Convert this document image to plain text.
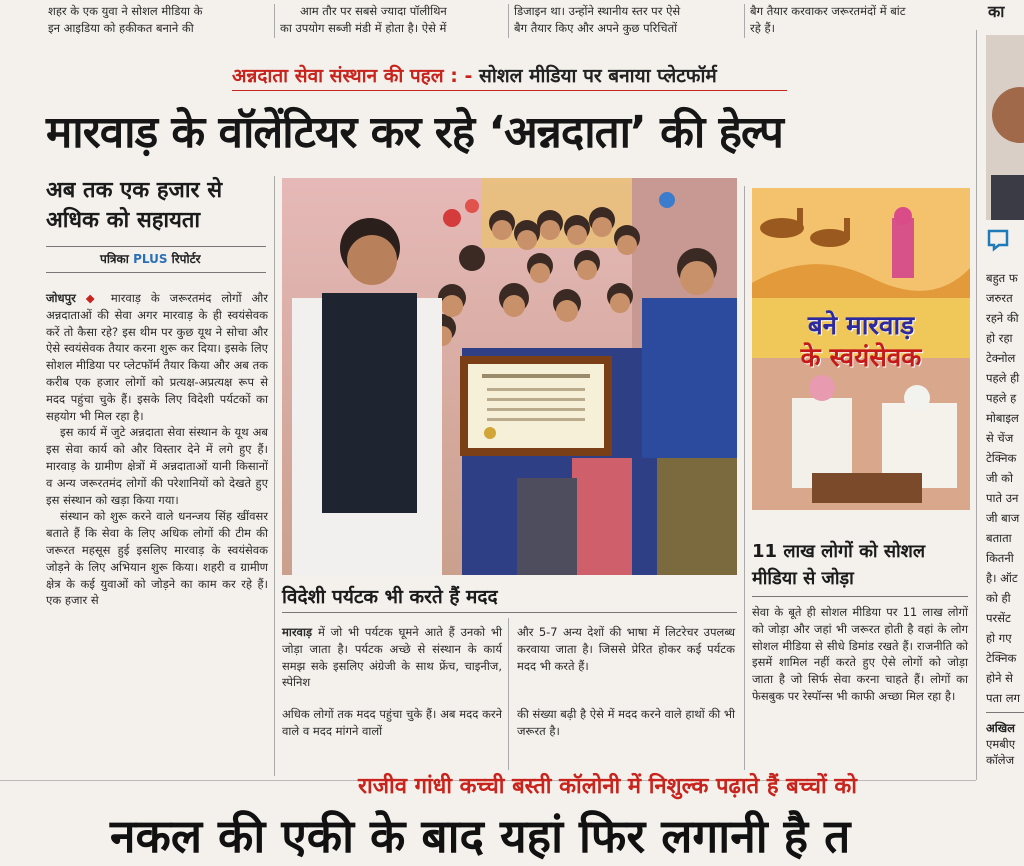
शहर के एक युवा ने सोशल मीडिया के
इन आइडिया को हकीकत बनाने की
आम तौर पर सबसे ज्यादा पॉलीथिन
का उपयोग सब्जी मंडी में होता है। ऐसे में
डिजाइन था। उन्होंने स्थानीय स्तर पर ऐसे
बैग तैयार किए और अपने कुछ परिचितों
बैग तैयार करवाकर जरूरतमंदों में बांट
रहे हैं।
का
अन्नदाता सेवा संस्थान की पहल : - सोशल मीडिया पर बनाया प्लेटफॉर्म
मारवाड़ के वॉलेंटियर कर रहे ‘अन्नदाता’ की हेल्प
अब तक एक हजार से
अधिक को सहायता
पत्रिका PLUS रिपोर्टर
जोधपुर ◆ मारवाड़ के जरूरतमंद लोगों और अन्नदाताओं की सेवा अगर मारवाड़ के ही स्वयंसेवक करें तो कैसा रहे? इस थीम पर कुछ यूथ ने सोचा और ऐसे स्वयंसेवक तैयार करना शुरू कर दिया। इसके लिए सोशल मीडिया पर प्लेटफॉर्म तैयार किया और अब तक करीब एक हजार लोगों को प्रत्यक्ष-अप्रत्यक्ष रूप से मदद पहुंचा चुके हैं। इसके लिए विदेशी पर्यटकों का सहयोग भी मिल रहा है।
इस कार्य में जुटे अन्नदाता सेवा संस्थान के यूथ अब इस सेवा कार्य को और विस्तार देने में लगे हुए हैं। मारवाड़ के ग्रामीण क्षेत्रों में अन्नदाताओं यानी किसानों व अन्य जरूरतमंद लोगों की परेशानियों को देखते हुए इस संस्थान को खड़ा किया गया।
संस्थान को शुरू करने वाले धनन्जय सिंह खींवसर बताते हैं कि सेवा के लिए अधिक लोगों की टीम की जरूरत महसूस हुई इसलिए मारवाड़ के स्वयंसेवक जोड़ने के लिए अभियान शुरू किया। शहरी व ग्रामीण क्षेत्र के कई युवाओं को जोड़ने का काम कर रहे हैं। एक हजार से
बने मारवाड़
के स्वयंसेवक
विदेशी पर्यटक भी करते हैं मदद
मारवाड़ में जो भी पर्यटक घूमने आते हैं उनको भी जोड़ा जाता है। पर्यटक अच्छे से संस्थान के कार्य समझ सके इसलिए अंग्रेजी के साथ फ्रेंच, चाइनीज, स्पेनिश
अधिक लोगों तक मदद पहुंचा चुके हैं। अब मदद करने वाले व मदद मांगने वालों
और 5-7 अन्य देशों की भाषा में लिटरेचर उपलब्ध करवाया जाता है। जिससे प्रेरित होकर कई पर्यटक मदद भी करते हैं।
की संख्या बढ़ी है ऐसे में मदद करने वाले हाथों की भी जरूरत है।
11 लाख लोगों को सोशल मीडिया से जोड़ा
सेवा के बूते ही सोशल मीडिया पर 11 लाख लोगों को जोड़ा और जहां भी जरूरत होती है वहां के लोग सोशल मीडिया से सीधे डिमांड रखते हैं। राजनीति को इसमें शामिल नहीं करते हुए ऐसे लोगों को जोड़ा जाता है जो सिर्फ सेवा करना चाहते हैं। लोगों का फेसबुक पर रेस्पॉन्स भी काफी अच्छा मिल रहा है।
बहुत फ
जरुरत
रहने की
हो रहा
टेक्नोल
पहले ही
पहले ह
मोबाइल
से चेंज
टेक्निक
जी को
पाते उन
जी बाज
बताता
कितनी
है। ऑट
को ही
परसेंट
हो गए
टेक्निक
होने से
पता लग
अखिल
एमबीए
कॉलेज
राजीव गांधी कच्ची बस्ती कॉलोनी में निशुल्क पढ़ाते हैं बच्चों को
नकल की एकी के बाद यहां फिर लगानी है त
